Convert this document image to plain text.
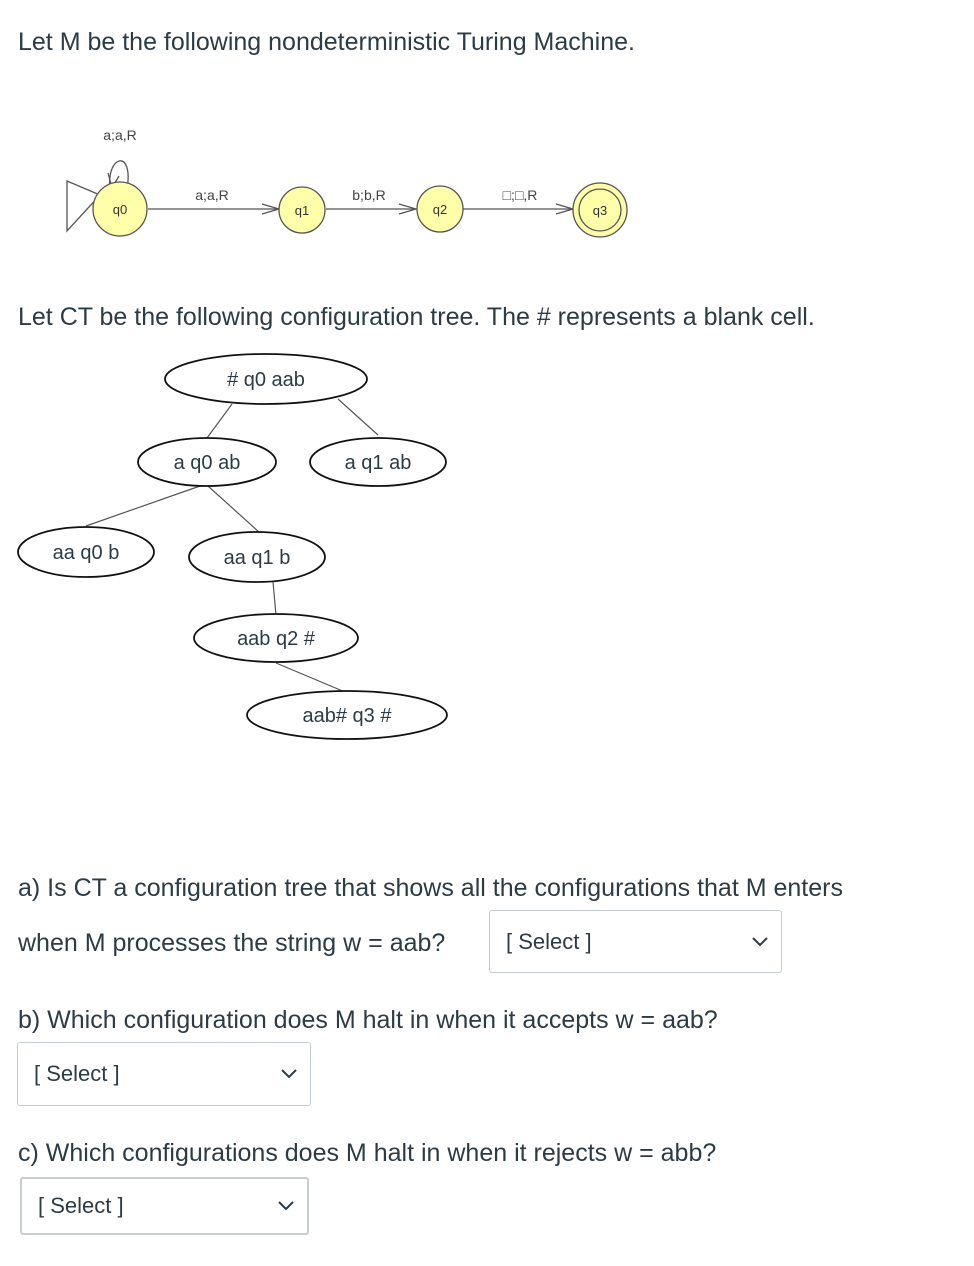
Let M be the following nondeterministic Turing Machine.
a;a,R
a;a,R	b;b,R	□;□,R
q0	q1	q2	q3
Let CT be the following configuration tree. The # represents a blank cell.
# q0 aab
a q0 ab	a q1 ab
aa q0 b	aa q1 b
aab q2 #
aab# q3 #
a) Is CT a configuration tree that shows all the configurations that M enters
when M processes the string w = aab?	[ Select ]
b) Which configuration does M halt in when it accepts w = aab?
[ Select ]
c) Which configurations does M halt in when it rejects w = abb?
[ Select ]
